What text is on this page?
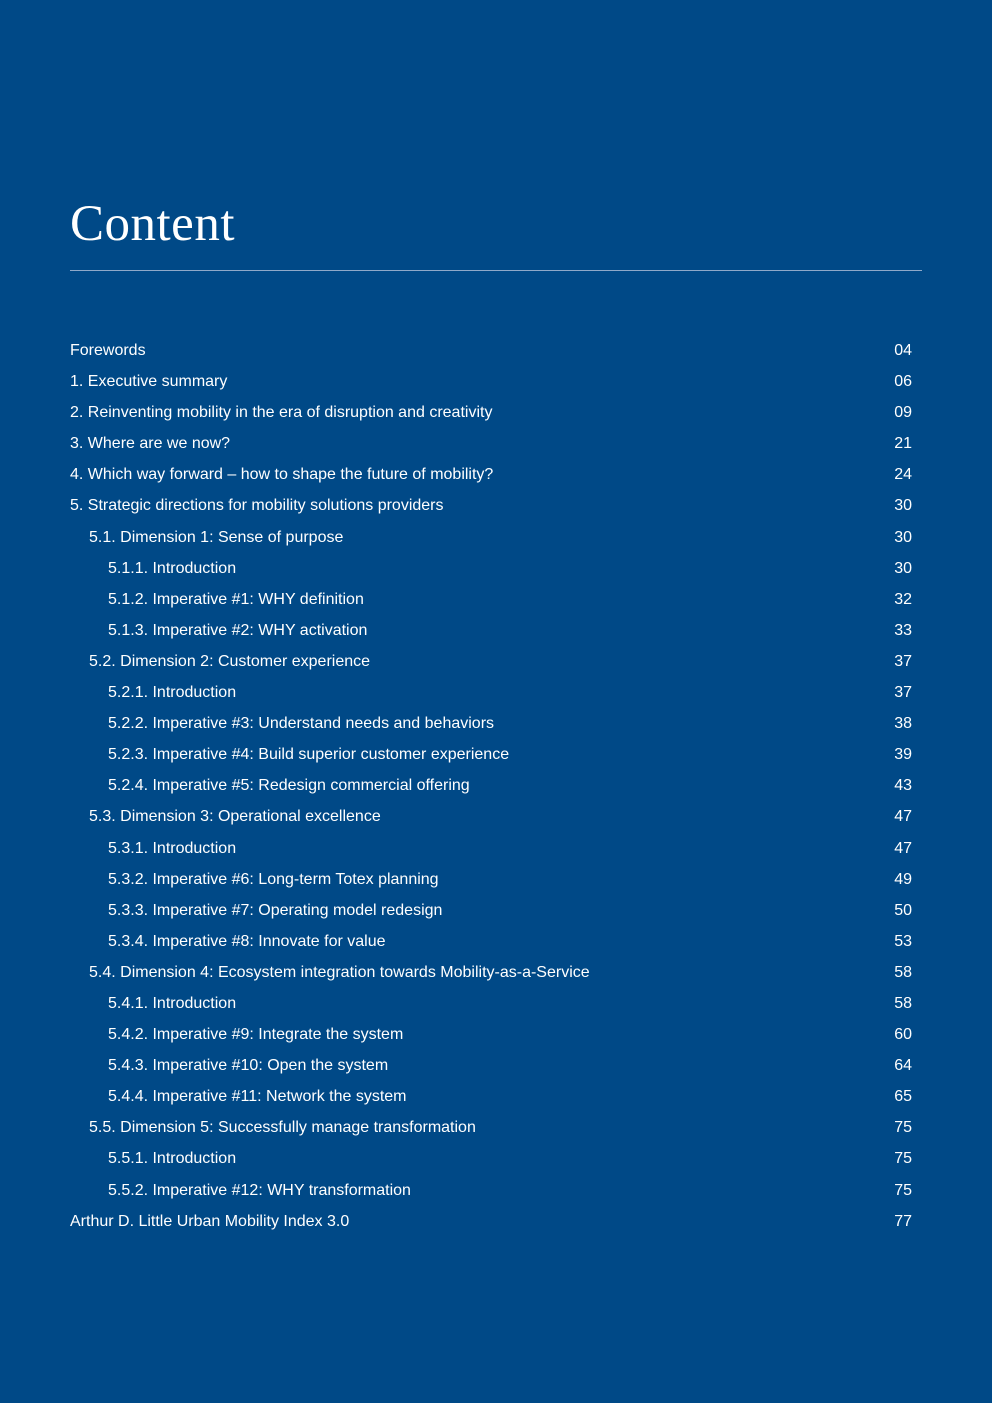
Content
Forewords	04
1. Executive summary	06
2. Reinventing mobility in the era of disruption and creativity	09
3. Where are we now?	21
4. Which way forward – how to shape the future of mobility?	24
5. Strategic directions for mobility solutions providers	30
5.1. Dimension 1: Sense of purpose	30
5.1.1. Introduction	30
5.1.2. Imperative #1: WHY definition	32
5.1.3. Imperative #2: WHY activation	33
5.2. Dimension 2: Customer experience	37
5.2.1. Introduction	37
5.2.2. Imperative #3: Understand needs and behaviors	38
5.2.3. Imperative #4: Build superior customer experience	39
5.2.4. Imperative #5: Redesign commercial offering	43
5.3. Dimension 3: Operational excellence	47
5.3.1. Introduction	47
5.3.2. Imperative #6: Long-term Totex planning	49
5.3.3. Imperative #7: Operating model redesign	50
5.3.4. Imperative #8: Innovate for value	53
5.4. Dimension 4: Ecosystem integration towards Mobility-as-a-Service	58
5.4.1. Introduction	58
5.4.2. Imperative #9: Integrate the system	60
5.4.3. Imperative #10: Open the system	64
5.4.4. Imperative #11: Network the system	65
5.5. Dimension 5: Successfully manage transformation	75
5.5.1. Introduction	75
5.5.2. Imperative #12: WHY transformation	75
Arthur D. Little Urban Mobility Index 3.0	77
